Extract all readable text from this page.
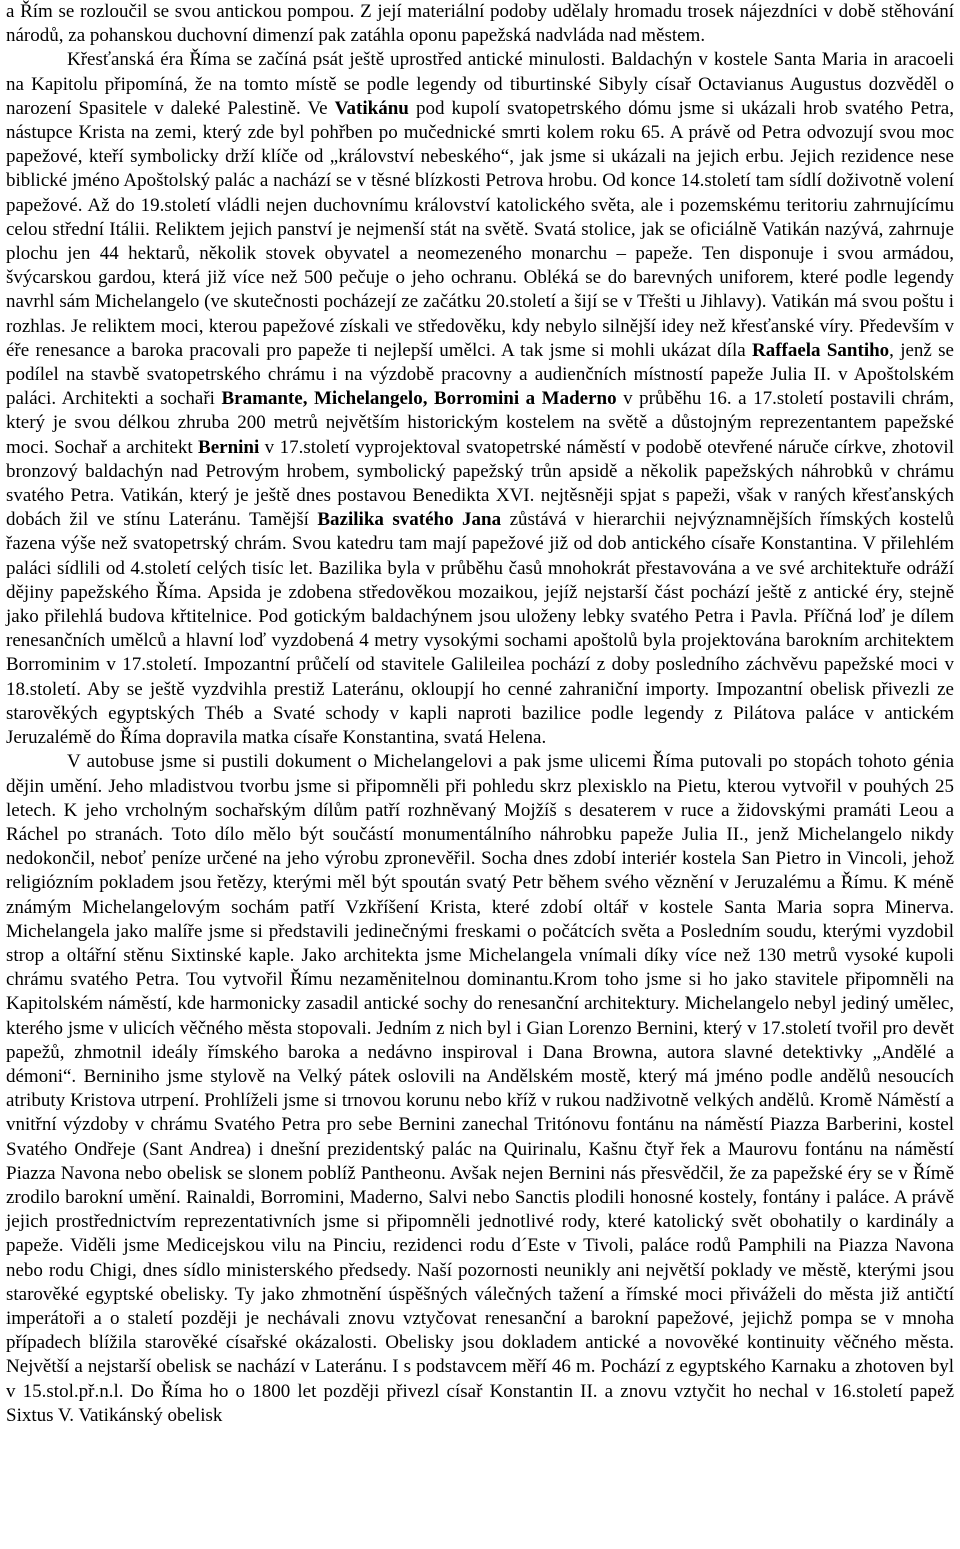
a Řím se rozloučil se svou antickou pompou. Z její materiální podoby udělaly hromadu trosek nájezdníci v době stěhování národů, za pohanskou duchovní dimenzí pak zatáhla oponu papežská nadvláda nad městem.

Křesťanská éra Říma se začíná psát ještě uprostřed antické minulosti. Baldachýn v kostele Santa Maria in aracoeli na Kapitolu připomíná, že na tomto místě se podle legendy od tiburtinské Sibyly císař Octavianus Augustus dozvěděl o narození Spasitele v daleké Palestině. Ve Vatikánu pod kupolí svatopetrského dómu jsme si ukázali hrob svatého Petra, nástupce Krista na zemi, který zde byl pohřben po mučednické smrti kolem roku 65. A právě od Petra odvozují svou moc papežové, kteří symbolicky drží klíče od „království nebeského“, jak jsme si ukázali na jejich erbu. Jejich rezidence nese biblické jméno Apoštolský palác a nachází se v těsné blízkosti Petrova hrobu. Od konce 14.století tam sídlí doživotně volení papežové. Až do 19.století vládli nejen duchovnímu království katolického světa, ale i pozemskému teritoriu zahrnujícímu celou střední Itálii. Reliktem jejich panství je nejmenší stát na světě. Svatá stolice, jak se oficiálně Vatikán nazývá, zahrnuje plochu jen 44 hektarů, několik stovek obyvatel a neomezeného monarchu – papeže. Ten disponuje i svou armádou, švýcarskou gardou, která již více než 500 pečuje o jeho ochranu. Obléká se do barevných uniforem, které podle legendy navrhl sám Michelangelo (ve skutečnosti pocházejí ze začátku 20.století a šijí se v Třešti u Jihlavy). Vatikán má svou poštu i rozhlas. Je reliktem moci, kterou papežové získali ve středověku, kdy nebylo silnější idey než křesťanské víry. Především v éře renesance a baroka pracovali pro papeže ti nejlepší umělci. A tak jsme si mohli ukázat díla Raffaela Santiho, jenž se podílel na stavbě svatopetrského chrámu i na výzdobě pracovny a audienčních místností papeže Julia II. v Apoštolském paláci. Architekti a sochaři Bramante, Michelangelo, Borromini a Maderno v průběhu 16. a 17.století postavili chrám, který je svou délkou zhruba 200 metrů největším historickým kostelem na světě a důstojným reprezentantem papežské moci. Sochař a architekt Bernini v 17.století vyprojektoval svatopetrské náměstí v podobě otevřené náruče církve, zhotovil bronzový baldachýn nad Petrovým hrobem, symbolický papežský trůn apsidě a několik papežských náhrobků v chrámu svatého Petra. Vatikán, který je ještě dnes postavou Benedikta XVI. nejtěsněji spjat s papeži, však v raných křesťanských dobách žil ve stínu Lateránu. Tamější Bazilika svatého Jana zůstává v hierarchii nejvýznamnějších římských kostelů řazena výše než svatopetrský chrám. Svou katedru tam mají papežové již od dob antického císaře Konstantina. V přilehlém paláci sídlili od 4.století celých tisíc let. Bazilika byla v průběhu časů mnohokrát přestavována a ve své architektuře odráží dějiny papežského Říma. Apsida je zdobena středověkou mozaikou, jejíž nejstarší část pochází ještě z antické éry, stejně jako přilehlá budova křtitelnice. Pod gotickým baldachýnem jsou uloženy lebky svatého Petra i Pavla. Příčná loď je dílem renesančních umělců a hlavní loď vyzdobená 4 metry vysokými sochami apoštolů byla projektována barokním architektem Borrominim v 17.století. Impozantní průčelí od stavitele Galileilea pochází z doby posledního záchvěvu papežské moci v 18.století. Aby se ještě vyzdvihla prestiž Lateránu, okloupjí ho cenné zahraniční importy. Impozantní obelisk přivezli ze starověkých egyptských Théb a Svaté schody v kapli naproti bazilice podle legendy z Pilátova paláce v antickém Jeruzalémě do Říma dopravila matka císaře Konstantina, svatá Helena.

V autobuse jsme si pustili dokument o Michelangelovi a pak jsme ulicemi Říma putovali po stopách tohoto génia dějin umění. Jeho mladistvou tvorbu jsme si připomněli při pohledu skrz plexisklo na Pietu, kterou vytvořil v pouhých 25 letech. K jeho vrcholným sochařským dílům patří rozhněvaný Mojžíš s desaterem v ruce a židovskými pramáti Leou a Ráchel po stranách. Toto dílo mělo být součástí monumentálního náhrobku papeže Julia II., jenž Michelangelo nikdy nedokončil, neboť peníze určené na jeho výrobu zpronevěřil. Socha dnes zdobí interiér kostela San Pietro in Vincoli, jehož religiózním pokladem jsou řetězy, kterými měl být spoután svatý Petr během svého věznění v Jeruzalému a Římu. K méně známým Michelangelovým sochám patří Vzkříšení Krista, které zdobí oltář v kostele Santa Maria sopra Minerva. Michelangela jako malíře jsme si představili jedinečnými freskami o počátcích světa a Posledním soudu, kterými vyzdobil strop a oltářní stěnu Sixtinské kaple. Jako architekta jsme Michelangela vnímali díky více než 130 metrů vysoké kupoli chrámu svatého Petra. Tou vytvořil Římu nezaměnitelnou dominantu.Krom toho jsme si ho jako stavitele připomněli na Kapitolském náměstí, kde harmonicky zasadil antické sochy do renesanční architektury. Michelangelo nebyl jediný umělec, kterého jsme v ulicích věčného města stopovali. Jedním z nich byl i Gian Lorenzo Bernini, který v 17.století tvořil pro devět papežů, zhmotnil ideály římského baroka a nedávno inspiroval i Dana Browna, autora slavné detektivky „Andělé a démoni“. Berniniho jsme stylově na Velký pátek oslovili na Andělském mostě, který má jméno podle andělů nesoucích atributy Kristova utrpení. Prohlíželi jsme si trnovou korunu nebo kříž v rukou nadživotně velkých andělů. Kromě Náměstí a vnitřní výzdoby v chrámu Svatého Petra pro sebe Bernini zanechal Tritónovu fontánu na náměstí Piazza Barberini, kostel Svatého Ondřeje (Sant Andrea) i dnešní prezidentský palác na Quirinalu, Kašnu čtyř řek a Maurovu fontánu na náměstí Piazza Navona nebo obelisk se slonem poblíž Pantheonu. Avšak nejen Bernini nás přesvědčil, že za papežské éry se v Římě zrodilo barokní umění. Rainaldi, Borromini, Maderno, Salvi nebo Sanctis plodili honosné kostely, fontány i paláce. A právě jejich prostřednictvím reprezentativních jsme si připomněli jednotlivé rody, které katolický svět obohatily o kardinály a papeže. Viděli jsme Medicejskou vilu na Pinciu, rezidenci rodu d´Este v Tivoli, paláce rodů Pamphili na Piazza Navona nebo rodu Chigi, dnes sídlo ministerského předsedy. Naší pozornosti neunikly ani největší poklady ve městě, kterými jsou starověké egyptské obelisky. Ty jako zhmotnění úspěšných válečných tažení a římské moci přiváželi do města již antičtí imperátoři a o staletí později je nechávali znovu vztyčovat renesanční a barokní papežové, jejichž pompa se v mnoha případech blížila starověké císařské okázalosti. Obelisky jsou dokladem antické a novověké kontinuity věčného města. Největší a nejstarší obelisk se nachází v Lateránu. I s podstavcem měří 46 m. Pochází z egyptského Karnaku a zhotoven byl v 15.stol.př.n.l. Do Říma ho o 1800 let později přivezl císař Konstantin II. a znovu vztyčit ho nechal v 16.století papež Sixtus V. Vatikánský obelisk
